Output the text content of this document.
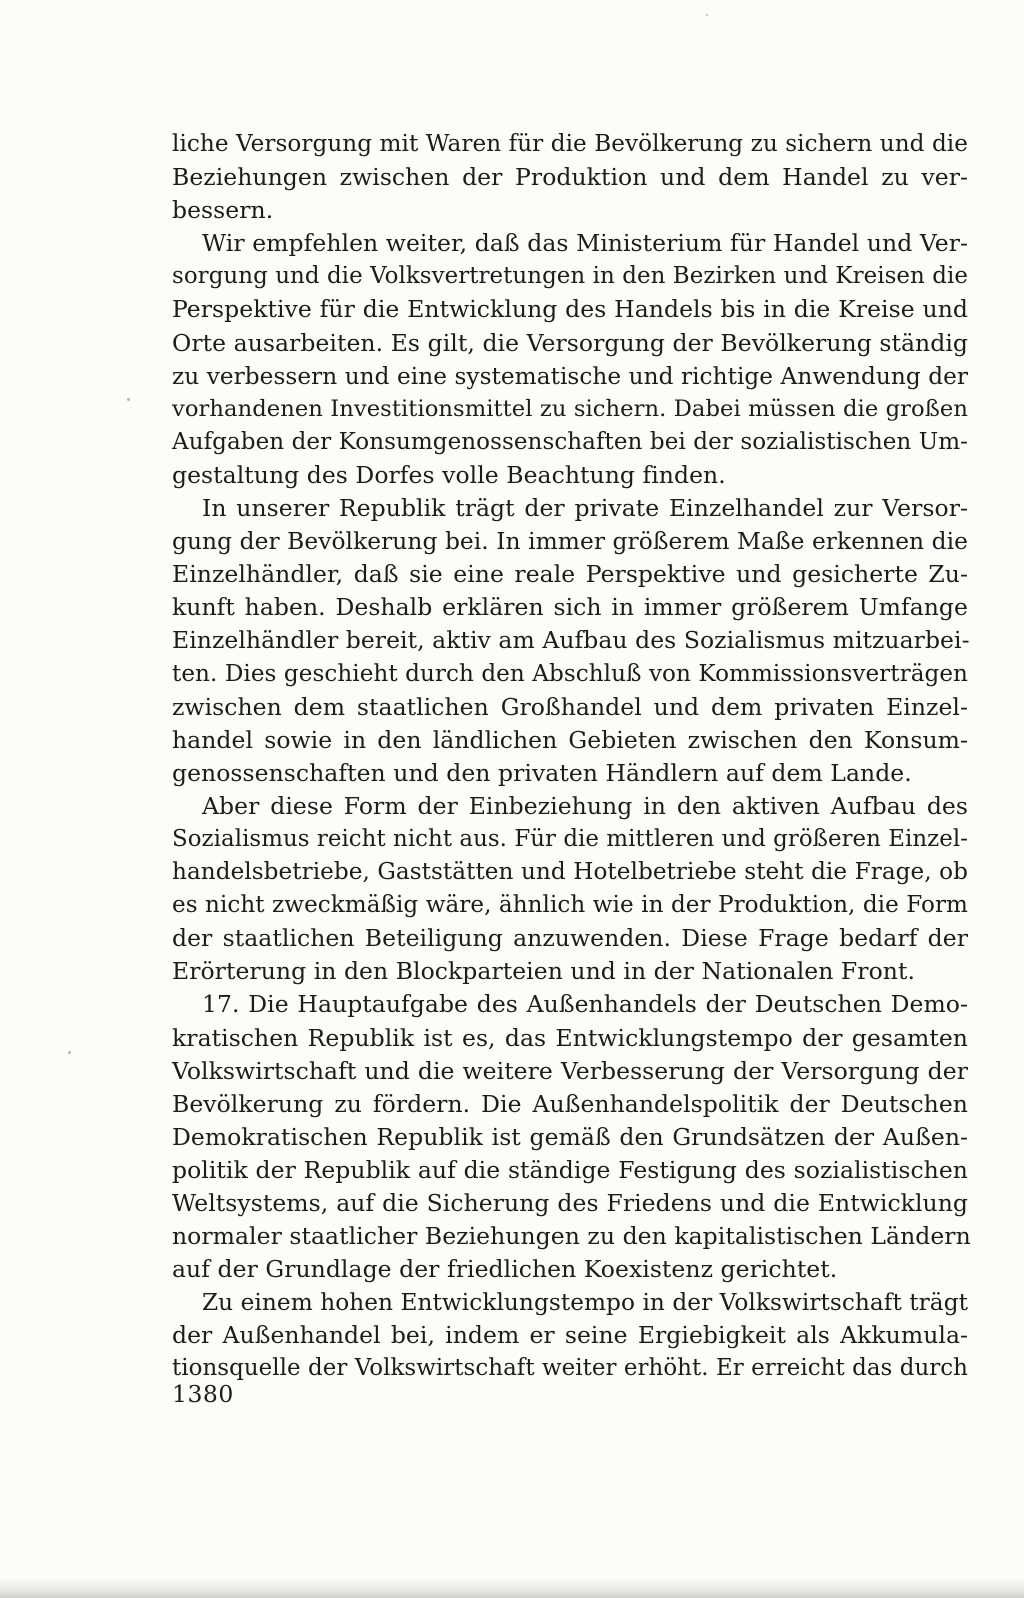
liche Versorgung mit Waren für die Bevölkerung zu sichern und die
Beziehungen zwischen der Produktion und dem Handel zu ver-
bessern.
Wir empfehlen weiter, daß das Ministerium für Handel und Ver-
sorgung und die Volksvertretungen in den Bezirken und Kreisen die
Perspektive für die Entwicklung des Handels bis in die Kreise und
Orte ausarbeiten. Es gilt, die Versorgung der Bevölkerung ständig
zu verbessern und eine systematische und richtige Anwendung der
vorhandenen Investitionsmittel zu sichern. Dabei müssen die großen
Aufgaben der Konsumgenossenschaften bei der sozialistischen Um-
gestaltung des Dorfes volle Beachtung finden.
In unserer Republik trägt der private Einzelhandel zur Versor-
gung der Bevölkerung bei. In immer größerem Maße erkennen die
Einzelhändler, daß sie eine reale Perspektive und gesicherte Zu-
kunft haben. Deshalb erklären sich in immer größerem Umfange
Einzelhändler bereit, aktiv am Aufbau des Sozialismus mitzuarbei-
ten. Dies geschieht durch den Abschluß von Kommissionsverträgen
zwischen dem staatlichen Großhandel und dem privaten Einzel-
handel sowie in den ländlichen Gebieten zwischen den Konsum-
genossenschaften und den privaten Händlern auf dem Lande.
Aber diese Form der Einbeziehung in den aktiven Aufbau des
Sozialismus reicht nicht aus. Für die mittleren und größeren Einzel-
handelsbetriebe, Gaststätten und Hotelbetriebe steht die Frage, ob
es nicht zweckmäßig wäre, ähnlich wie in der Produktion, die Form
der staatlichen Beteiligung anzuwenden. Diese Frage bedarf der
Erörterung in den Blockparteien und in der Nationalen Front.
17. Die Hauptaufgabe des Außenhandels der Deutschen Demo-
kratischen Republik ist es, das Entwicklungstempo der gesamten
Volkswirtschaft und die weitere Verbesserung der Versorgung der
Bevölkerung zu fördern. Die Außenhandelspolitik der Deutschen
Demokratischen Republik ist gemäß den Grundsätzen der Außen-
politik der Republik auf die ständige Festigung des sozialistischen
Weltsystems, auf die Sicherung des Friedens und die Entwicklung
normaler staatlicher Beziehungen zu den kapitalistischen Ländern
auf der Grundlage der friedlichen Koexistenz gerichtet.
Zu einem hohen Entwicklungstempo in der Volkswirtschaft trägt
der Außenhandel bei, indem er seine Ergiebigkeit als Akkumula-
tionsquelle der Volkswirtschaft weiter erhöht. Er erreicht das durch
1380
